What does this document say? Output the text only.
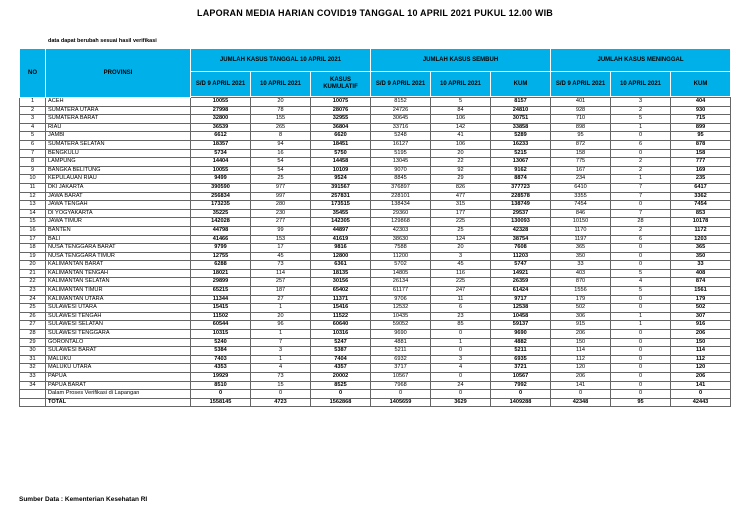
LAPORAN MEDIA HARIAN COVID19 TANGGAL 10 APRIL 2021 PUKUL 12.00 WIB
data dapat berubah sesuai hasil verifikasi
NO	PROVINSI	JUMLAH KASUS TANGGAL 10 APRIL 2021			JUMLAH KASUS SEMBUH			JUMLAH KASUS MENINGGAL		
		S/D 9 APRIL 2021	10 APRIL 2021	KASUS KUMULATIF	S/D 9 APRIL 2021	10 APRIL 2021	KUM	S/D 9 APRIL 2021	10 APRIL 2021	KUM

1	ACEH	10055	20	10075	8152	5	8157	401	3	404
2	SUMATERA UTARA	27998	78	28076	24726	84	24810	928	2	930
3	SUMATERA BARAT	32800	155	32955	30645	106	30751	710	5	715
4	RIAU	36539	265	36804	33716	142	33858	898	1	899
5	JAMBI	6612	8	6620	5248	41	5289	95	0	95
6	SUMATERA SELATAN	18357	94	18451	16127	106	16233	872	6	878
7	BENGKULU	5734	16	5750	5195	20	5215	158	0	158
8	LAMPUNG	14404	54	14458	13045	22	13067	775	2	777
9	BANGKA BELITUNG	10055	54	10109	9070	92	9162	167	2	169
10	KEPULAUAN RIAU	9499	25	9524	8845	29	8874	234	1	235
11	DKI JAKARTA	390590	977	391567	376897	826	377723	6410	7	6417
12	JAWA BARAT	256834	997	257831	228101	477	228578	3355	7	3362
13	JAWA TENGAH	173235	280	173515	138434	315	138749	7454	0	7454
14	DI YOGYAKARTA	35225	230	35455	29360	177	29537	846	7	853
15	JAWA TIMUR	142028	277	142305	129868	225	130093	10150	28	10178
16	BANTEN	44798	99	44897	42303	25	42328	1170	2	1172
17	BALI	41466	153	41619	38630	124	38754	1197	6	1203
18	NUSA TENGGARA BARAT	9799	17	9816	7588	20	7608	365	0	365
19	NUSA TENGGARA TIMUR	12755	45	12800	11200	3	11203	350	0	350
20	KALIMANTAN BARAT	6288	73	6361	5702	45	5747	33	0	33
21	KALIMANTAN TENGAH	18021	114	18135	14805	116	14921	403	5	408
22	KALIMANTAN SELATAN	29899	257	30156	26134	225	26359	870	4	874
23	KALIMANTAN TIMUR	65215	187	65402	61177	247	61424	1556	5	1561
24	KALIMANTAN UTARA	11344	27	11371	9706	11	9717	179	0	179
25	SULAWESI UTARA	15415	1	15416	12532	6	12538	502	0	502
26	SULAWESI TENGAH	11502	20	11522	10435	23	10458	306	1	307
27	SULAWESI SELATAN	60544	96	60640	59052	85	59137	915	1	916
28	SULAWESI TENGGARA	10315	1	10316	9690	0	9690	206	0	206
29	GORONTALO	5240	7	5247	4881	1	4882	150	0	150
30	SULAWESI BARAT	5384	3	5387	5211	0	5211	114	0	114
31	MALUKU	7403	1	7404	6932	3	6935	112	0	112
32	MALUKU UTARA	4353	4	4357	3717	4	3721	120	0	120
33	PAPUA	19929	73	20002	10567	0	10567	206	0	206
34	PAPUA BARAT	8510	15	8525	7968	24	7992	141	0	141
	Dalam Proses Verifikasi di Lapangan	0	0	0	0	0	0	0	0	0
	TOTAL	1558145	4723	1562868	1405659	3629	1409288	42348	95	42443
Sumber Data : Kementerian Kesehatan RI
